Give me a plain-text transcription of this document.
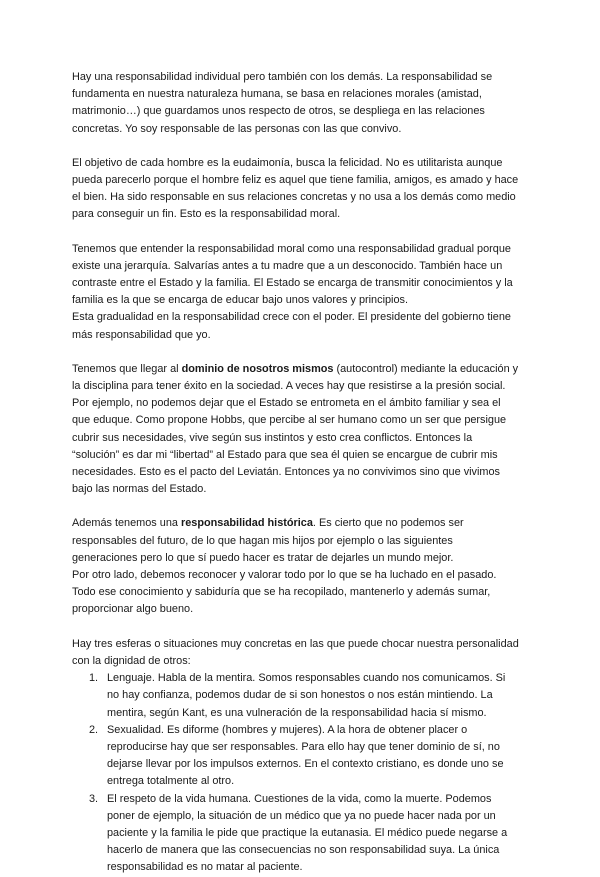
Hay una responsabilidad individual pero también con los demás. La responsabilidad se
fundamenta en nuestra naturaleza humana, se basa en relaciones morales (amistad,
matrimonio…) que guardamos unos respecto de otros, se despliega en las relaciones
concretas. Yo soy responsable de las personas con las que convivo.
El objetivo de cada hombre es la eudaimonía, busca la felicidad. No es utilitarista aunque
pueda parecerlo porque el hombre feliz es aquel que tiene familia, amigos, es amado y hace
el bien. Ha sido responsable en sus relaciones concretas y no usa a los demás como medio
para conseguir un fin. Esto es la responsabilidad moral.
Tenemos que entender la responsabilidad moral como una responsabilidad gradual porque
existe una jerarquía. Salvarías antes a tu madre que a un desconocido. También hace un
contraste entre el Estado y la familia. El Estado se encarga de transmitir conocimientos y la
familia es la que se encarga de educar bajo unos valores y principios.
Esta gradualidad en la responsabilidad crece con el poder. El presidente del gobierno tiene
más responsabilidad que yo.
Tenemos que llegar al dominio de nosotros mismos (autocontrol) mediante la educación y
la disciplina para tener éxito en la sociedad. A veces hay que resistirse a la presión social.
Por ejemplo, no podemos dejar que el Estado se entrometa en el ámbito familiar y sea el
que eduque. Como propone Hobbs, que percibe al ser humano como un ser que persigue
cubrir sus necesidades, vive según sus instintos y esto crea conflictos. Entonces la
“solución” es dar mi “libertad” al Estado para que sea él quien se encargue de cubrir mis
necesidades. Esto es el pacto del Leviatán. Entonces ya no convivimos sino que vivimos
bajo las normas del Estado.
Además tenemos una responsabilidad histórica. Es cierto que no podemos ser
responsables del futuro, de lo que hagan mis hijos por ejemplo o las siguientes
generaciones pero lo que sí puedo hacer es tratar de dejarles un mundo mejor.
Por otro lado, debemos reconocer y valorar todo por lo que se ha luchado en el pasado.
Todo ese conocimiento y sabiduría que se ha recopilado, mantenerlo y además sumar,
proporcionar algo bueno.
Hay tres esferas o situaciones muy concretas en las que puede chocar nuestra personalidad
con la dignidad de otros:
1. Lenguaje. Habla de la mentira. Somos responsables cuando nos comunicamos. Si
no hay confianza, podemos dudar de si son honestos o nos están mintiendo. La
mentira, según Kant, es una vulneración de la responsabilidad hacia sí mismo.
2. Sexualidad. Es diforme (hombres y mujeres). A la hora de obtener placer o
reproducirse hay que ser responsables. Para ello hay que tener dominio de sí, no
dejarse llevar por los impulsos externos. En el contexto cristiano, es donde uno se
entrega totalmente al otro.
3. El respeto de la vida humana. Cuestiones de la vida, como la muerte. Podemos
poner de ejemplo, la situación de un médico que ya no puede hacer nada por un
paciente y la familia le pide que practique la eutanasia. El médico puede negarse a
hacerlo de manera que las consecuencias no son responsabilidad suya. La única
responsabilidad es no matar al paciente.
